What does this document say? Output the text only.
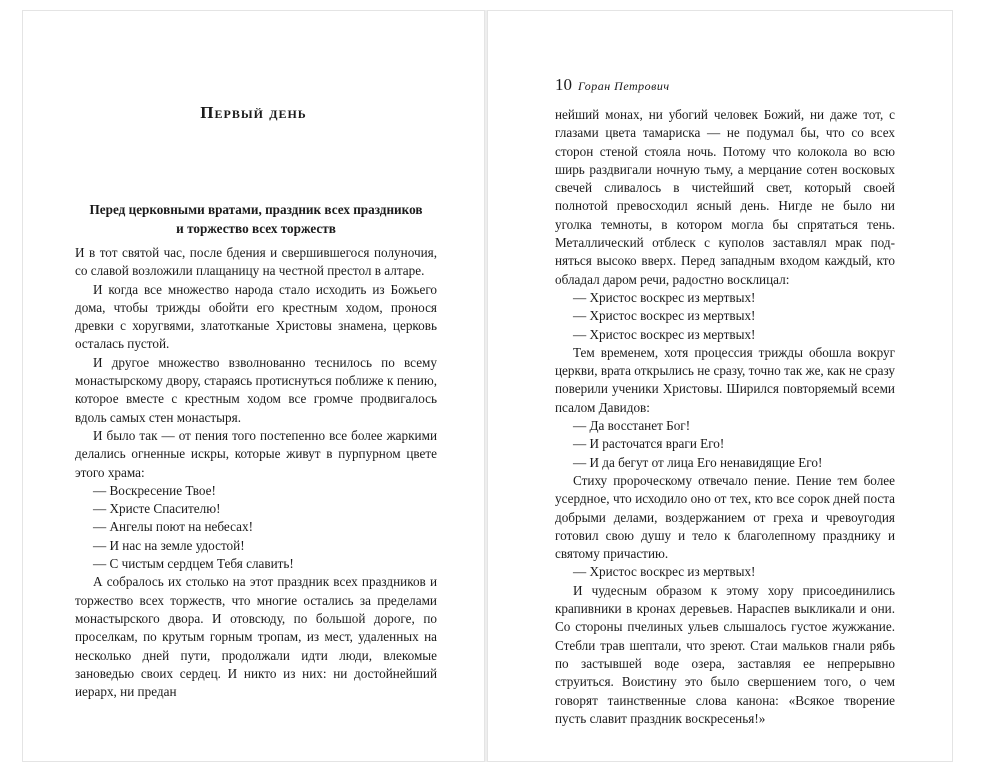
Первый день
Перед церковными вратами, праздник всех праздников
и торжество всех торжеств

И в тот святой час, после бдения и свершившегося полуночия, со славой возложили плащаницу на честной престол в алтаре.

И когда все множество народа стало исходить из Божьего дома, чтобы трижды обойти его крестным ходом, пронося древки с хоругвями, златотканые Христовы знамена, церковь осталась пустой.

И другое множество взволнованно теснилось по всему монастырскому двору, стараясь протиснуться поближе к пению, которое вместе с крестным ходом все громче продвигалось вдоль самых стен монастыря.

И было так — от пения того постепенно все более жаркими делались огненные искры, которые живут в пурпурном цвете этого храма:

— Воскресение Твое!

— Христе Спасителю!

— Ангелы поют на небесах!

— И нас на земле удостой!

— С чистым сердцем Тебя славить!

А собралось их столько на этот праздник всех праздников и торжество всех торжеств, что многие остались за пределами монастырского двора. И отовсюду, по большой дороге, по проселкам, по крутым горным тропам, из мест, удаленных на несколько дней пути, продолжали идти люди, влекомые зановедью своих сердец. И никто из них: ни достойнейший иерарх, ни предан

10 Горан Петрович

нейший монах, ни убогий человек Божий, ни даже тот, с глазами цвета тамариска — не подумал бы, что со всех сторон стеной стояла ночь. Потому что колокола во всю ширь раздвигали ночную тьму, а мерцание сотен восковых свечей сливалось в чистейший свет, который своей полнотой превосходил ясный день. Нигде не было ни уголка темноты, в котором могла бы спрятаться тень. Металлический отблеск с куполов заставлял мрак подняться высоко вверх. Перед западным входом каждый, кто обладал даром речи, радостно восклицал:

— Христос воскрес из мертвых!

— Христос воскрес из мертвых!

— Христос воскрес из мертвых!

Тем временем, хотя процессия трижды обошла вокруг церкви, врата открылись не сразу, точно так же, как не сразу поверили ученики Христовы. Ширился повторяемый всеми псалом Давидов:

— Да восстанет Бог!

— И расточатся враги Его!

— И да бегут от лица Его ненавидящие Его!

Стиху пророческому отвечало пение. Пение тем более усердное, что исходило оно от тех, кто все сорок дней поста добрыми делами, воздержанием от греха и чревоугодия готовил свою душу и тело к благолепному празднику и святому причастию.

— Христос воскрес из мертвых!

И чудесным образом к этому хору присоединились крапивники в кронах деревьев. Нараспев выкликали и они. Со стороны пчелиных ульев слышалось густое жужжание. Стебли трав шептали, что зреют. Стаи мальков гнали рябь по застывшей воде озера, заставляя ее непрерывно струиться. Воистину это было свершением того, о чем говорят таинственные слова канона: «Всякое творение пусть славит праздник воскресенья!»
